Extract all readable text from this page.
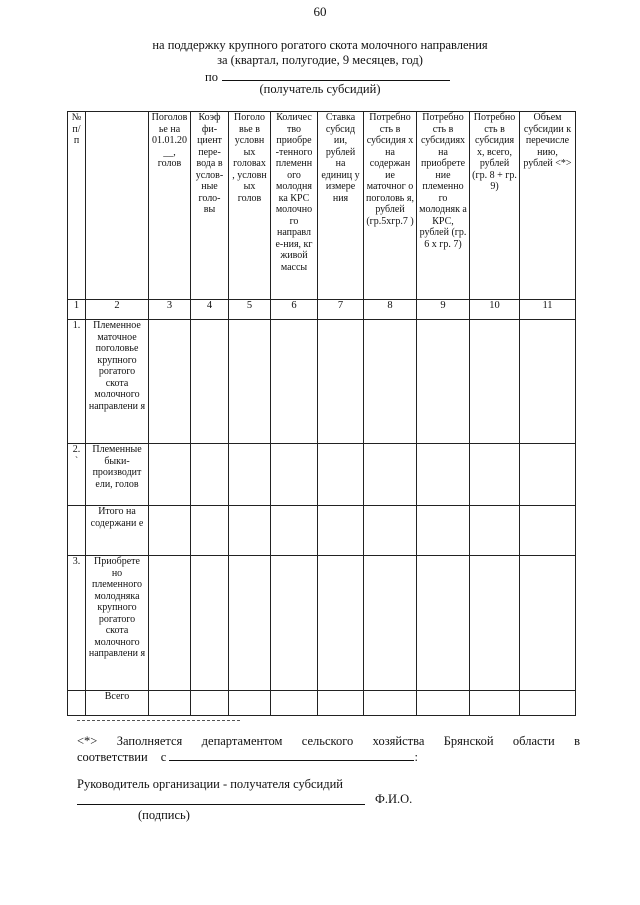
60
на поддержку крупного рогатого скота молочного направления
за (квартал, полугодие, 9 месяцев, год)
по
(получатель субсидий)
№ п/ п		Поголов ье на 01.01.20 __, голов	Коэф фи- циент пере- вода в услов- ные голо- вы	Поголо вье в условн ых головах , условн ых голов	Количес тво приобре -тенного племенн ого молодня ка КРС молочно го направл е-ния, кг живой массы	Ставка субсид ии, рублей на единиц у измере ния	Потребно сть в субсидия х на содержан ие маточног о поголовь я, рублей (гр.5хгр.7 )	Потребно сть в субсидиях на приобрете ние племенно го молодняк а КРС, рублей (гр. 6 х гр. 7)	Потребно сть в субсидия х, всего, рублей (гр. 8 + гр. 9)	Объем субсидии к перечисле нию, рублей <*>
1	2	3	4	5	6	7	8	9	10	11
1.	Племенное маточное поголовье крупного рогатого скота молочного направлени я									
2. `	Племенные быки- производит ели, голов									
	Итого на содержани е									
3.	Приобрете но племенного молодняка крупного рогатого скота молочного направлени я									
	Всего									
<*> Заполняется департаментом сельского хозяйства Брянской области в соответствии с	:
Руководитель организации - получателя субсидий
Ф.И.О.
(подпись)
